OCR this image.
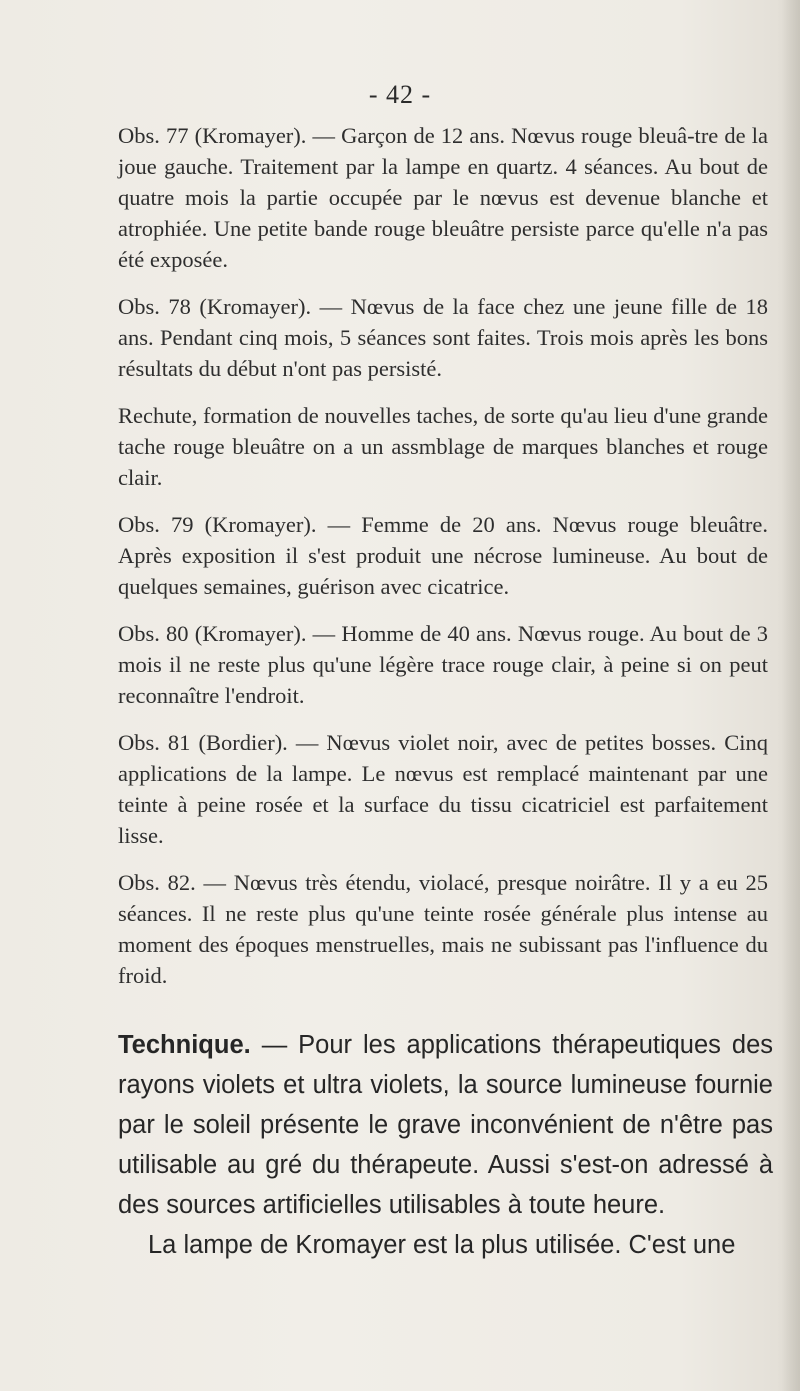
- 42 -

Obs. 77 (Kromayer). — Garçon de 12 ans. Nœvus rouge bleuâ-tre de la joue gauche. Traitement par la lampe en quartz. 4 séances. Au bout de quatre mois la partie occupée par le nœvus est devenue blanche et atrophiée. Une petite bande rouge bleuâtre persiste parce qu'elle n'a pas été exposée.

Obs. 78 (Kromayer). — Nœvus de la face chez une jeune fille de 18 ans. Pendant cinq mois, 5 séances sont faites. Trois mois après les bons résultats du début n'ont pas persisté.

Rechute, formation de nouvelles taches, de sorte qu'au lieu d'une grande tache rouge bleuâtre on a un assmblage de marques blanches et rouge clair.

Obs. 79 (Kromayer). — Femme de 20 ans. Nœvus rouge bleuâtre. Après exposition il s'est produit une nécrose lumineuse. Au bout de quelques semaines, guérison avec cicatrice.

Obs. 80 (Kromayer). — Homme de 40 ans. Nœvus rouge. Au bout de 3 mois il ne reste plus qu'une légère trace rouge clair, à peine si on peut reconnaître l'endroit.

Obs. 81 (Bordier). — Nœvus violet noir, avec de petites bosses. Cinq applications de la lampe. Le nœvus est remplacé maintenant par une teinte à peine rosée et la surface du tissu cicatriciel est parfaitement lisse.

Obs. 82. — Nœvus très étendu, violacé, presque noirâtre. Il y a eu 25 séances. Il ne reste plus qu'une teinte rosée générale plus intense au moment des époques menstruelles, mais ne subissant pas l'influence du froid.

Technique. — Pour les applications thérapeutiques des rayons violets et ultra violets, la source lumineuse fournie par le soleil présente le grave inconvénient de n'être pas utilisable au gré du thérapeute. Aussi s'est-on adressé à des sources artificielles utilisables à toute heure.

La lampe de Kromayer est la plus utilisée. C'est une
